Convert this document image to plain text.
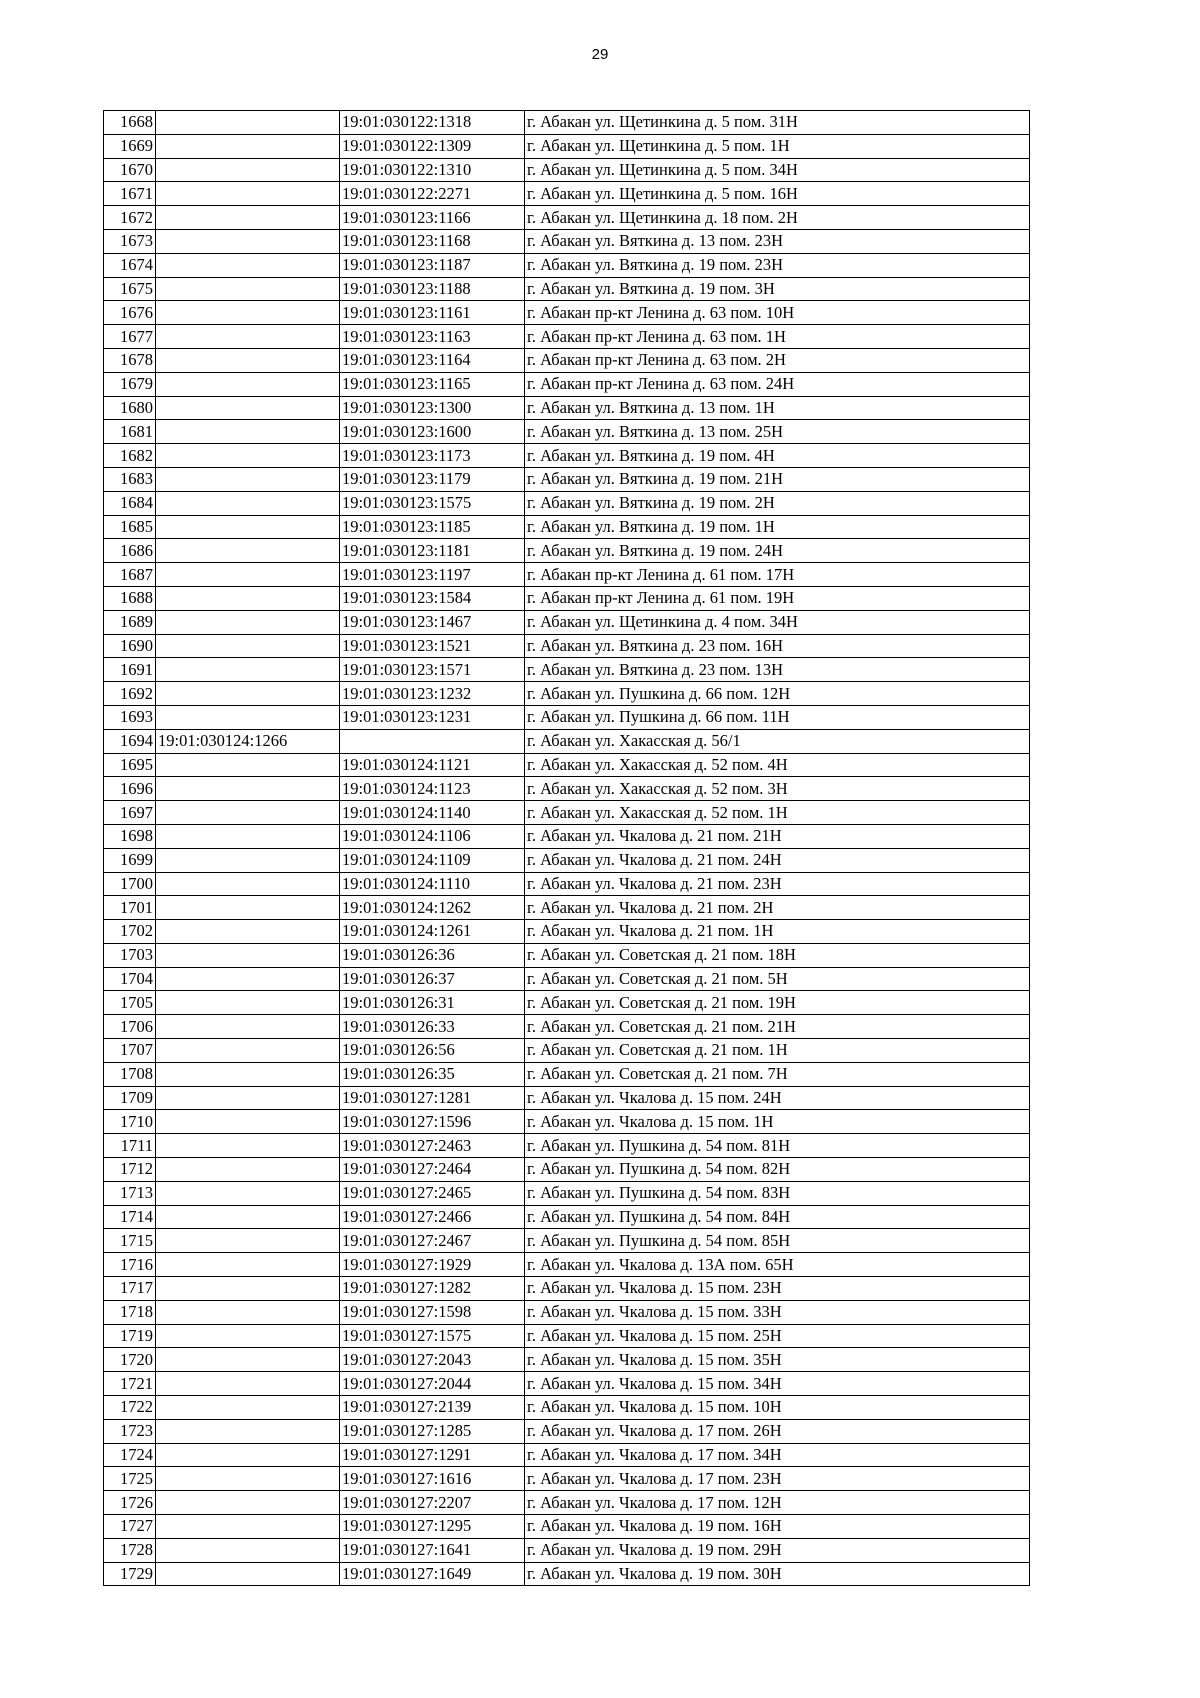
29
1668		19:01:030122:1318	г. Абакан ул. Щетинкина д. 5 пом. 31Н
1669		19:01:030122:1309	г. Абакан ул. Щетинкина д. 5 пом. 1Н
1670		19:01:030122:1310	г. Абакан ул. Щетинкина д. 5 пом. 34Н
1671		19:01:030122:2271	г. Абакан ул. Щетинкина д. 5 пом. 16Н
1672		19:01:030123:1166	г. Абакан ул. Щетинкина д. 18 пом. 2Н
1673		19:01:030123:1168	г. Абакан ул. Вяткина д. 13 пом. 23Н
1674		19:01:030123:1187	г. Абакан ул. Вяткина д. 19 пом. 23Н
1675		19:01:030123:1188	г. Абакан ул. Вяткина д. 19 пом. 3Н
1676		19:01:030123:1161	г. Абакан пр-кт Ленина д. 63 пом. 10Н
1677		19:01:030123:1163	г. Абакан пр-кт Ленина д. 63 пом. 1Н
1678		19:01:030123:1164	г. Абакан пр-кт Ленина д. 63 пом. 2Н
1679		19:01:030123:1165	г. Абакан пр-кт Ленина д. 63 пом. 24Н
1680		19:01:030123:1300	г. Абакан ул. Вяткина д. 13 пом. 1Н
1681		19:01:030123:1600	г. Абакан ул. Вяткина д. 13 пом. 25Н
1682		19:01:030123:1173	г. Абакан ул. Вяткина д. 19 пом. 4Н
1683		19:01:030123:1179	г. Абакан ул. Вяткина д. 19 пом. 21Н
1684		19:01:030123:1575	г. Абакан ул. Вяткина д. 19 пом. 2Н
1685		19:01:030123:1185	г. Абакан ул. Вяткина д. 19 пом. 1Н
1686		19:01:030123:1181	г. Абакан ул. Вяткина д. 19 пом. 24Н
1687		19:01:030123:1197	г. Абакан пр-кт Ленина д. 61 пом. 17Н
1688		19:01:030123:1584	г. Абакан пр-кт Ленина д. 61 пом. 19Н
1689		19:01:030123:1467	г. Абакан ул. Щетинкина д. 4 пом. 34Н
1690		19:01:030123:1521	г. Абакан ул. Вяткина д. 23 пом. 16Н
1691		19:01:030123:1571	г. Абакан ул. Вяткина д. 23 пом. 13Н
1692		19:01:030123:1232	г. Абакан ул. Пушкина д. 66 пом. 12Н
1693		19:01:030123:1231	г. Абакан ул. Пушкина д. 66 пом. 11Н
1694	19:01:030124:1266		г. Абакан ул. Хакасская д. 56/1
1695		19:01:030124:1121	г. Абакан ул. Хакасская д. 52 пом. 4Н
1696		19:01:030124:1123	г. Абакан ул. Хакасская д. 52 пом. 3Н
1697		19:01:030124:1140	г. Абакан ул. Хакасская д. 52 пом. 1Н
1698		19:01:030124:1106	г. Абакан ул. Чкалова д. 21 пом. 21Н
1699		19:01:030124:1109	г. Абакан ул. Чкалова д. 21 пом. 24Н
1700		19:01:030124:1110	г. Абакан ул. Чкалова д. 21 пом. 23Н
1701		19:01:030124:1262	г. Абакан ул. Чкалова д. 21 пом. 2Н
1702		19:01:030124:1261	г. Абакан ул. Чкалова д. 21 пом. 1Н
1703		19:01:030126:36	г. Абакан ул. Советская д. 21 пом. 18Н
1704		19:01:030126:37	г. Абакан ул. Советская д. 21 пом. 5Н
1705		19:01:030126:31	г. Абакан ул. Советская д. 21 пом. 19Н
1706		19:01:030126:33	г. Абакан ул. Советская д. 21 пом. 21Н
1707		19:01:030126:56	г. Абакан ул. Советская д. 21 пом. 1Н
1708		19:01:030126:35	г. Абакан ул. Советская д. 21 пом. 7Н
1709		19:01:030127:1281	г. Абакан ул. Чкалова д. 15 пом. 24Н
1710		19:01:030127:1596	г. Абакан ул. Чкалова д. 15 пом. 1Н
1711		19:01:030127:2463	г. Абакан ул. Пушкина д. 54 пом. 81Н
1712		19:01:030127:2464	г. Абакан ул. Пушкина д. 54 пом. 82Н
1713		19:01:030127:2465	г. Абакан ул. Пушкина д. 54 пом. 83Н
1714		19:01:030127:2466	г. Абакан ул. Пушкина д. 54 пом. 84Н
1715		19:01:030127:2467	г. Абакан ул. Пушкина д. 54 пом. 85Н
1716		19:01:030127:1929	г. Абакан ул. Чкалова д. 13А пом. 65Н
1717		19:01:030127:1282	г. Абакан ул. Чкалова д. 15 пом. 23Н
1718		19:01:030127:1598	г. Абакан ул. Чкалова д. 15 пом. 33Н
1719		19:01:030127:1575	г. Абакан ул. Чкалова д. 15 пом. 25Н
1720		19:01:030127:2043	г. Абакан ул. Чкалова д. 15 пом. 35Н
1721		19:01:030127:2044	г. Абакан ул. Чкалова д. 15 пом. 34Н
1722		19:01:030127:2139	г. Абакан ул. Чкалова д. 15 пом. 10Н
1723		19:01:030127:1285	г. Абакан ул. Чкалова д. 17 пом. 26Н
1724		19:01:030127:1291	г. Абакан ул. Чкалова д. 17 пом. 34Н
1725		19:01:030127:1616	г. Абакан ул. Чкалова д. 17 пом. 23Н
1726		19:01:030127:2207	г. Абакан ул. Чкалова д. 17 пом. 12Н
1727		19:01:030127:1295	г. Абакан ул. Чкалова д. 19 пом. 16Н
1728		19:01:030127:1641	г. Абакан ул. Чкалова д. 19 пом. 29Н
1729		19:01:030127:1649	г. Абакан ул. Чкалова д. 19 пом. 30Н
